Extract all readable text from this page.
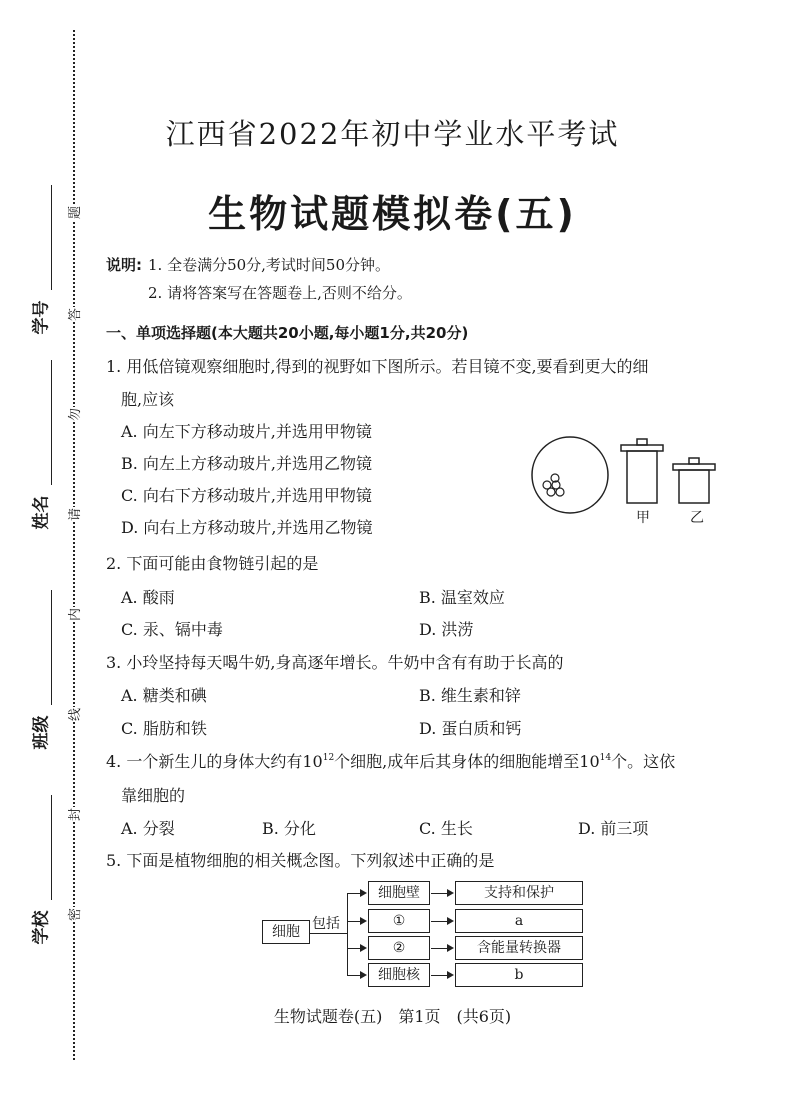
学号
姓名
班级
学校
题
答
勿
请
内
线
封
密
江西省2022年初中学业水平考试
生物试题模拟卷(五)
说明: 1. 全卷满分50分,考试时间50分钟。
2. 请将答案写在答题卷上,否则不给分。
一、单项选择题(本大题共20小题,每小题1分,共20分)
1. 用低倍镜观察细胞时,得到的视野如下图所示。若目镜不变,要看到更大的细
胞,应该
A. 向左下方移动玻片,并选用甲物镜
B. 向左上方移动玻片,并选用乙物镜
C. 向右下方移动玻片,并选用甲物镜
D. 向右上方移动玻片,并选用乙物镜	甲	乙
2. 下面可能由食物链引起的是
A. 酸雨	B. 温室效应
C. 汞、镉中毒	D. 洪涝
3. 小玲坚持每天喝牛奶,身高逐年增长。牛奶中含有有助于长高的
A. 糖类和碘	B. 维生素和锌
C. 脂肪和铁	D. 蛋白质和钙
4. 一个新生儿的身体大约有$10^{12}$个细胞,成年后其身体的细胞能增至$10^{14}$个。这依
靠细胞的
A. 分裂	B. 分化	C. 生长	D. 前三项
5. 下面是植物细胞的相关概念图。下列叙述中正确的是
细胞 包括
细胞壁
①
②
细胞核
支持和保护
a
含能量转换器
b
生物试题卷(五)　第1页　(共6页)
